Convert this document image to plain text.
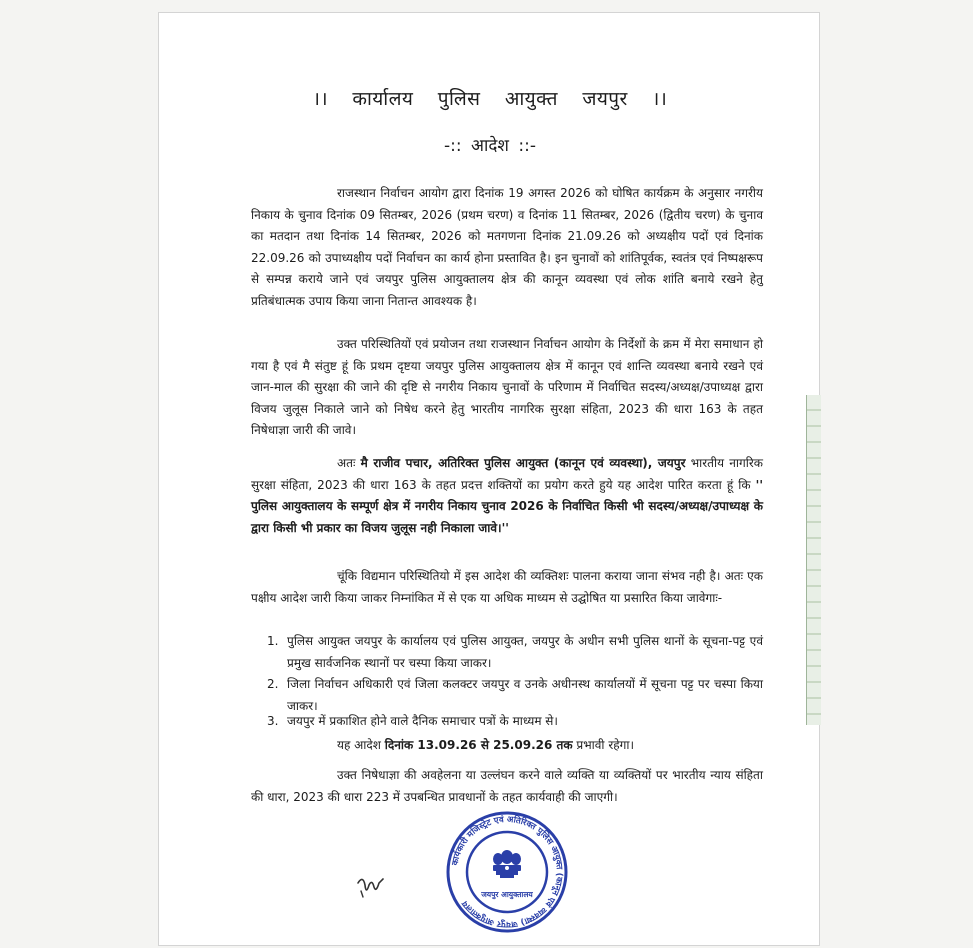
।। कार्यालय पुलिस आयुक्त जयपुर ।।
-:: आदेश ::-

राजस्थान निर्वाचन आयोग द्वारा दिनांक 19 अगस्त 2026 को घोषित कार्यक्रम के अनुसार नगरीय निकाय के चुनाव दिनांक 09 सितम्बर, 2026 (प्रथम चरण) व दिनांक 11 सितम्बर, 2026 (द्वितीय चरण) के चुनाव का मतदान तथा दिनांक 14 सितम्बर, 2026 को मतगणना दिनांक 21.09.26 को अध्यक्षीय पदों एवं दिनांक 22.09.26 को उपाध्यक्षीय पदों निर्वाचन का कार्य होना प्रस्तावित है। इन चुनावों को शांतिपूर्वक, स्वतंत्र एवं निष्पक्षरूप से सम्पन्न कराये जाने एवं जयपुर पुलिस आयुक्तालय क्षेत्र की कानून व्यवस्था एवं लोक शांति बनाये रखने हेतु प्रतिबंधात्मक उपाय किया जाना नितान्त आवश्यक है।

उक्त परिस्थितियों एवं प्रयोजन तथा राजस्थान निर्वाचन आयोग के निर्देशों के क्रम में मेरा समाधान हो गया है एवं मै संतुष्ट हूं कि प्रथम दृष्टया जयपुर पुलिस आयुक्तालय क्षेत्र में कानून एवं शान्ति व्यवस्था बनाये रखने एवं जान-माल की सुरक्षा की जाने की दृष्टि से नगरीय निकाय चुनावों के परिणाम में निर्वाचित सदस्य/अध्यक्ष/उपाध्यक्ष द्वारा विजय जुलूस निकाले जाने को निषेध करने हेतु भारतीय नागरिक सुरक्षा संहिता, 2023 की धारा 163 के तहत निषेधाज्ञा जारी की जावे।

अतः मै राजीव पचार, अतिरिक्त पुलिस आयुक्त (कानून एवं व्यवस्था), जयपुर भारतीय नागरिक सुरक्षा संहिता, 2023 की धारा 163 के तहत प्रदत्त शक्तियों का प्रयोग करते हुये यह आदेश पारित करता हूं कि '' पुलिस आयुक्तालय के सम्पूर्ण क्षेत्र में नगरीय निकाय चुनाव 2026 के निर्वाचित किसी भी सदस्य/अध्यक्ष/उपाध्यक्ष के द्वारा किसी भी प्रकार का विजय जुलूस नही निकाला जावे।''

चूंकि विद्यमान परिस्थितियो में इस आदेश की व्यक्तिशः पालना कराया जाना संभव नही है। अतः एक पक्षीय आदेश जारी किया जाकर निम्नांकित में से एक या अधिक माध्यम से उद्घोषित या प्रसारित किया जावेगाः-

1. पुलिस आयुक्त जयपुर के कार्यालय एवं पुलिस आयुक्त, जयपुर के अधीन सभी पुलिस थानों के सूचना-पट्ट एवं प्रमुख सार्वजनिक स्थानों पर चस्पा किया जाकर।

2. जिला निर्वाचन अधिकारी एवं जिला कलक्टर जयपुर व उनके अधीनस्थ कार्यालयों में सूचना पट्ट पर चस्पा किया जाकर।

3. जयपुर में प्रकाशित होने वाले दैनिक समाचार पत्रों के माध्यम से।

यह आदेश दिनांक 13.09.26 से 25.09.26 तक प्रभावी रहेगा।

उक्त निषेधाज्ञा की अवहेलना या उल्लंघन करने वाले व्यक्ति या व्यक्तियों पर भारतीय न्याय संहिता की धारा, 2023 की धारा 223 में उपबन्धित प्रावधानों के तहत कार्यवाही की जाएगी।

कार्यकारी मजिस्ट्रेट एवं अतिरिक्त पुलिस आयुक्त (कानून एवं व्यवस्था) जयपुर आयुक्तालय
जयपुर आयुक्तालय
